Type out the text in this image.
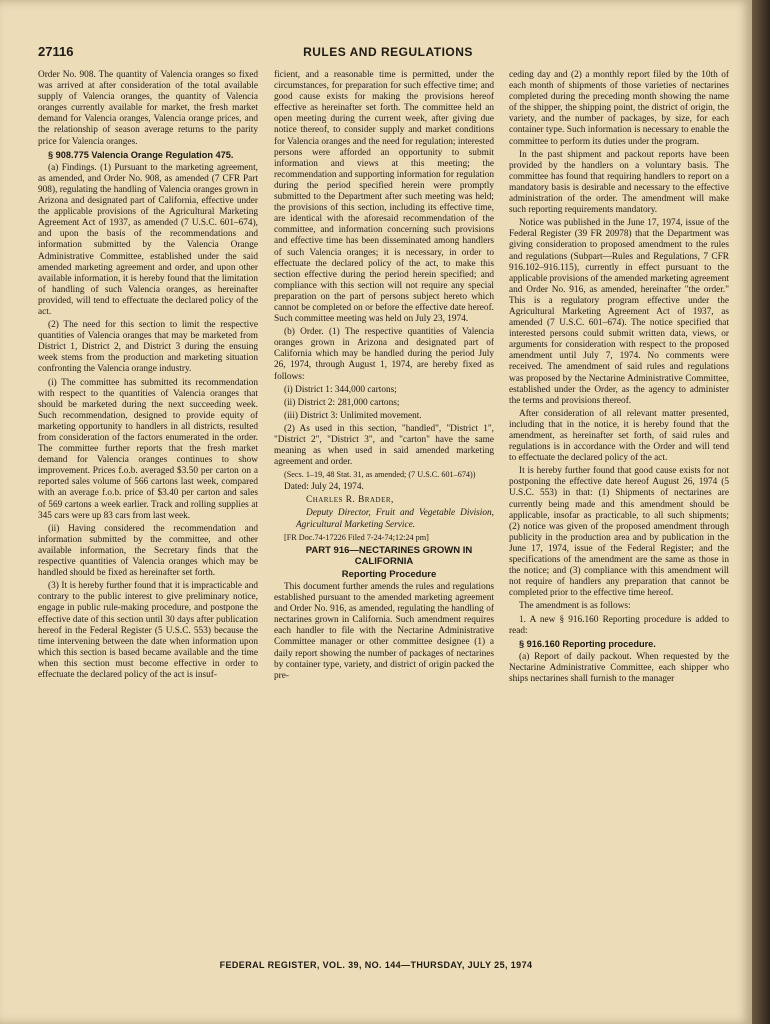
27116	RULES AND REGULATIONS

Order No. 908. The quantity of Valencia oranges so fixed was arrived at after consideration of the total available supply of Valencia oranges, the quantity of Valencia oranges currently available for market, the fresh market demand for Valencia oranges, Valencia orange prices, and the relationship of season average returns to the parity price for Valencia oranges.

§ 908.775 Valencia Orange Regulation 475.

(a) Findings. (1) Pursuant to the marketing agreement, as amended, and Order No. 908, as amended (7 CFR Part 908), regulating the handling of Valencia oranges grown in Arizona and designated part of California, effective under the applicable provisions of the Agricultural Marketing Agreement Act of 1937, as amended (7 U.S.C. 601–674), and upon the basis of the recommendations and information submitted by the Valencia Orange Administrative Committee, established under the said amended marketing agreement and order, and upon other available information, it is hereby found that the limitation of handling of such Valencia oranges, as hereinafter provided, will tend to effectuate the declared policy of the act.

(2) The need for this section to limit the respective quantities of Valencia oranges that may be marketed from District 1, District 2, and District 3 during the ensuing week stems from the production and marketing situation confronting the Valencia orange industry.

(i) The committee has submitted its recommendation with respect to the quantities of Valencia oranges that should be marketed during the next succeeding week. Such recommendation, designed to provide equity of marketing opportunity to handlers in all districts, resulted from consideration of the factors enumerated in the order. The committee further reports that the fresh market demand for Valencia oranges continues to show improvement. Prices f.o.b. averaged $3.50 per carton on a reported sales volume of 566 cartons last week, compared with an average f.o.b. price of $3.40 per carton and sales of 569 cartons a week earlier. Track and rolling supplies at 345 cars were up 83 cars from last week.

(ii) Having considered the recommendation and information submitted by the committee, and other available information, the Secretary finds that the respective quantities of Valencia oranges which may be handled should be fixed as hereinafter set forth.

(3) It is hereby further found that it is impracticable and contrary to the public interest to give preliminary notice, engage in public rule-making procedure, and postpone the effective date of this section until 30 days after publication hereof in the Federal Register (5 U.S.C. 553) because the time intervening between the date when information upon which this section is based became available and the time when this section must become effective in order to effectuate the declared policy of the act is insuf-

ficient, and a reasonable time is permitted, under the circumstances, for preparation for such effective time; and good cause exists for making the provisions hereof effective as hereinafter set forth. The committee held an open meeting during the current week, after giving due notice thereof, to consider supply and market conditions for Valencia oranges and the need for regulation; interested persons were afforded an opportunity to submit information and views at this meeting; the recommendation and supporting information for regulation during the period specified herein were promptly submitted to the Department after such meeting was held; the provisions of this section, including its effective time, are identical with the aforesaid recommendation of the committee, and information concerning such provisions and effective time has been disseminated among handlers of such Valencia oranges; it is necessary, in order to effectuate the declared policy of the act, to make this section effective during the period herein specified; and compliance with this section will not require any special preparation on the part of persons subject hereto which cannot be completed on or before the effective date hereof. Such committee meeting was held on July 23, 1974.

(b) Order. (1) The respective quantities of Valencia oranges grown in Arizona and designated part of California which may be handled during the period July 26, 1974, through August 1, 1974, are hereby fixed as follows:

(i) District 1: 344,000 cartons;

(ii) District 2: 281,000 cartons;

(iii) District 3: Unlimited movement.

(2) As used in this section, "handled", "District 1", "District 2", "District 3", and "carton" have the same meaning as when used in said amended marketing agreement and order.

(Secs. 1–19, 48 Stat. 31, as amended; (7 U.S.C. 601–674))

Dated: July 24, 1974.

Charles R. Brader,

Deputy Director, Fruit and Vegetable Division, Agricultural Marketing Service.

[FR Doc.74-17226 Filed 7-24-74;12:24 pm]

PART 916—NECTARINES GROWN IN CALIFORNIA

Reporting Procedure

This document further amends the rules and regulations established pursuant to the amended marketing agreement and Order No. 916, as amended, regulating the handling of nectarines grown in California. Such amendment requires each handler to file with the Nectarine Administrative Committee manager or other committee designee (1) a daily report showing the number of packages of nectarines by container type, variety, and district of origin packed the pre-

ceding day and (2) a monthly report filed by the 10th of each month of shipments of those varieties of nectarines completed during the preceding month showing the name of the shipper, the shipping point, the district of origin, the variety, and the number of packages, by size, for each container type. Such information is necessary to enable the committee to perform its duties under the program.

In the past shipment and packout reports have been provided by the handlers on a voluntary basis. The committee has found that requiring handlers to report on a mandatory basis is desirable and necessary to the effective administration of the order. The amendment will make such reporting requirements mandatory.

Notice was published in the June 17, 1974, issue of the Federal Register (39 FR 20978) that the Department was giving consideration to proposed amendment to the rules and regulations (Subpart—Rules and Regulations, 7 CFR 916.102–916.115), currently in effect pursuant to the applicable provisions of the amended marketing agreement and Order No. 916, as amended, hereinafter "the order." This is a regulatory program effective under the Agricultural Marketing Agreement Act of 1937, as amended (7 U.S.C. 601–674). The notice specified that interested persons could submit written data, views, or arguments for consideration with respect to the proposed amendment until July 7, 1974. No comments were received. The amendment of said rules and regulations was proposed by the Nectarine Administrative Committee, established under the Order, as the agency to administer the terms and provisions thereof.

After consideration of all relevant matter presented, including that in the notice, it is hereby found that the amendment, as hereinafter set forth, of said rules and regulations is in accordance with the Order and will tend to effectuate the declared policy of the act.

It is hereby further found that good cause exists for not postponing the effective date hereof August 26, 1974 (5 U.S.C. 553) in that: (1) Shipments of nectarines are currently being made and this amendment should be applicable, insofar as practicable, to all such shipments; (2) notice was given of the proposed amendment through publicity in the production area and by publication in the June 17, 1974, issue of the Federal Register; and the specifications of the amendment are the same as those in the notice; and (3) compliance with this amendment will not require of handlers any preparation that cannot be completed prior to the effective time hereof.

The amendment is as follows:

1. A new § 916.160 Reporting procedure is added to read:

§ 916.160 Reporting procedure.

(a) Report of daily packout. When requested by the Nectarine Administrative Committee, each shipper who ships nectarines shall furnish to the manager

FEDERAL REGISTER, VOL. 39, NO. 144—THURSDAY, JULY 25, 1974
